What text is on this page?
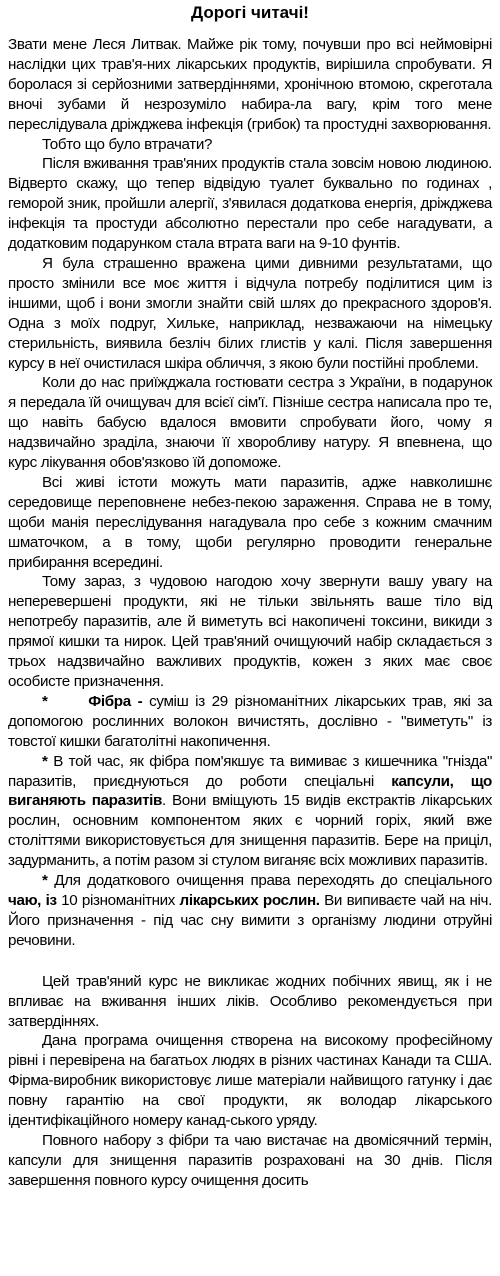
Дорогі читачі!

Звати мене Леся Литвак. Майже рік тому, почувши про всі неймовірні наслідки цих трав'я-них лікарських продуктів, вирішила спробувати. Я боролася зі серйозними затвердіннями, хронічною втомою, скреготала вночі зубами й незрозуміло набира-ла вагу, крім того мене переслідувала дріжджева інфекція (грибок) та простудні захворювання.

Тобто що було втрачати?

Після вживання трав'яних продуктів стала зовсім новою людиною. Відверто скажу, що тепер відвідую туалет буквально по годинах , геморой зник, пройшли алергії, з'явилася додаткова енергія, дріжджева інфекція та простуди абсолютно перестали про себе нагадувати, а додатковим подарунком стала втрата ваги на 9-10 фунтів.

Я була страшенно вражена цими дивними результатами, що просто змінили все моє життя і відчула потребу поділитися цим із іншими, щоб і вони змогли знайти свій шлях до прекрасного здоров'я. Одна з моїх подруг, Хильке, наприклад, незважаючи на німецьку стерильність, виявила безліч білих глистів у калі. Після завершення курсу в неї очистилася шкіра обличчя, з якою були постійні проблеми.

Коли до нас приїжджала гостювати сестра з України, в подарунок я передала їй очищувач для всієї сім'ї. Пізніше сестра написала про те, що навіть бабусю вдалося вмовити спробувати його, чому я надзвичайно зраділа, знаючи її хворобливу натуру. Я впевнена, що курс лікування обов'язково їй допоможе.

Всі живі істоти можуть мати паразитів, адже навколишнє середовище переповнене небез-пекою зараження. Справа не в тому, щоби манія переслідування нагадувала про себе з кожним смачним шматочком, а в тому, щоби регулярно проводити генеральне прибирання всередині.

Тому зараз, з чудовою нагодою хочу звернути вашу увагу на неперевершені продукти, які не тільки звільнять ваше тіло від непотребу паразитів, але й виметуть всі накопичені токсини, викиди з прямої кишки та нирок. Цей трав'яний очищуючий набір складається з трьох надзвичайно важливих продуктів, кожен з яких має своє особисте призначення.

*	Фібра - суміш із 29 різноманітних лікарських трав, які за допомогою рослинних волокон вичистять, дослівно - "виметуть" із товстої кишки багатолітні накопичення.

* В той час, як фібра пом'якшує та вимиває з кишечника "гнізда" паразитів, приєднуються до роботи спеціальні капсули, що виганяють паразитів. Вони вміщують 15 видів екстрактів лікарських рослин, основним компонентом яких є чорний горіх, який вже століттями використовується для знищення паразитів. Бере на приціл, задурманить, а потім разом зі стулом виганяє всіх можливих паразитів.

* Для додаткового очищення права переходять до спеціального чаю, із 10 різноманітних лікарських рослин. Ви випиваєте чай на ніч. Його призначення - під час сну вимити з організму людини отруйні речовини.

Цей трав'яний курс не викликає жодних побічних явищ, як і не впливає на вживання інших ліків. Особливо рекомендується при затвердіннях.

Дана програма очищення створена на високому професійному рівні і перевірена на багатьох людях в різних частинах Канади та США. Фірма-виробник використовує лише матеріали найвищого гатунку і дає повну гарантію на свої продукти, як володар лікарського ідентифікаційного номеру канад-ського уряду.

Повного набору з фібри та чаю вистачає на двомісячний термін, капсули для знищення паразитів розраховані на 30 днів. Після завершення повного курсу очищення досить
